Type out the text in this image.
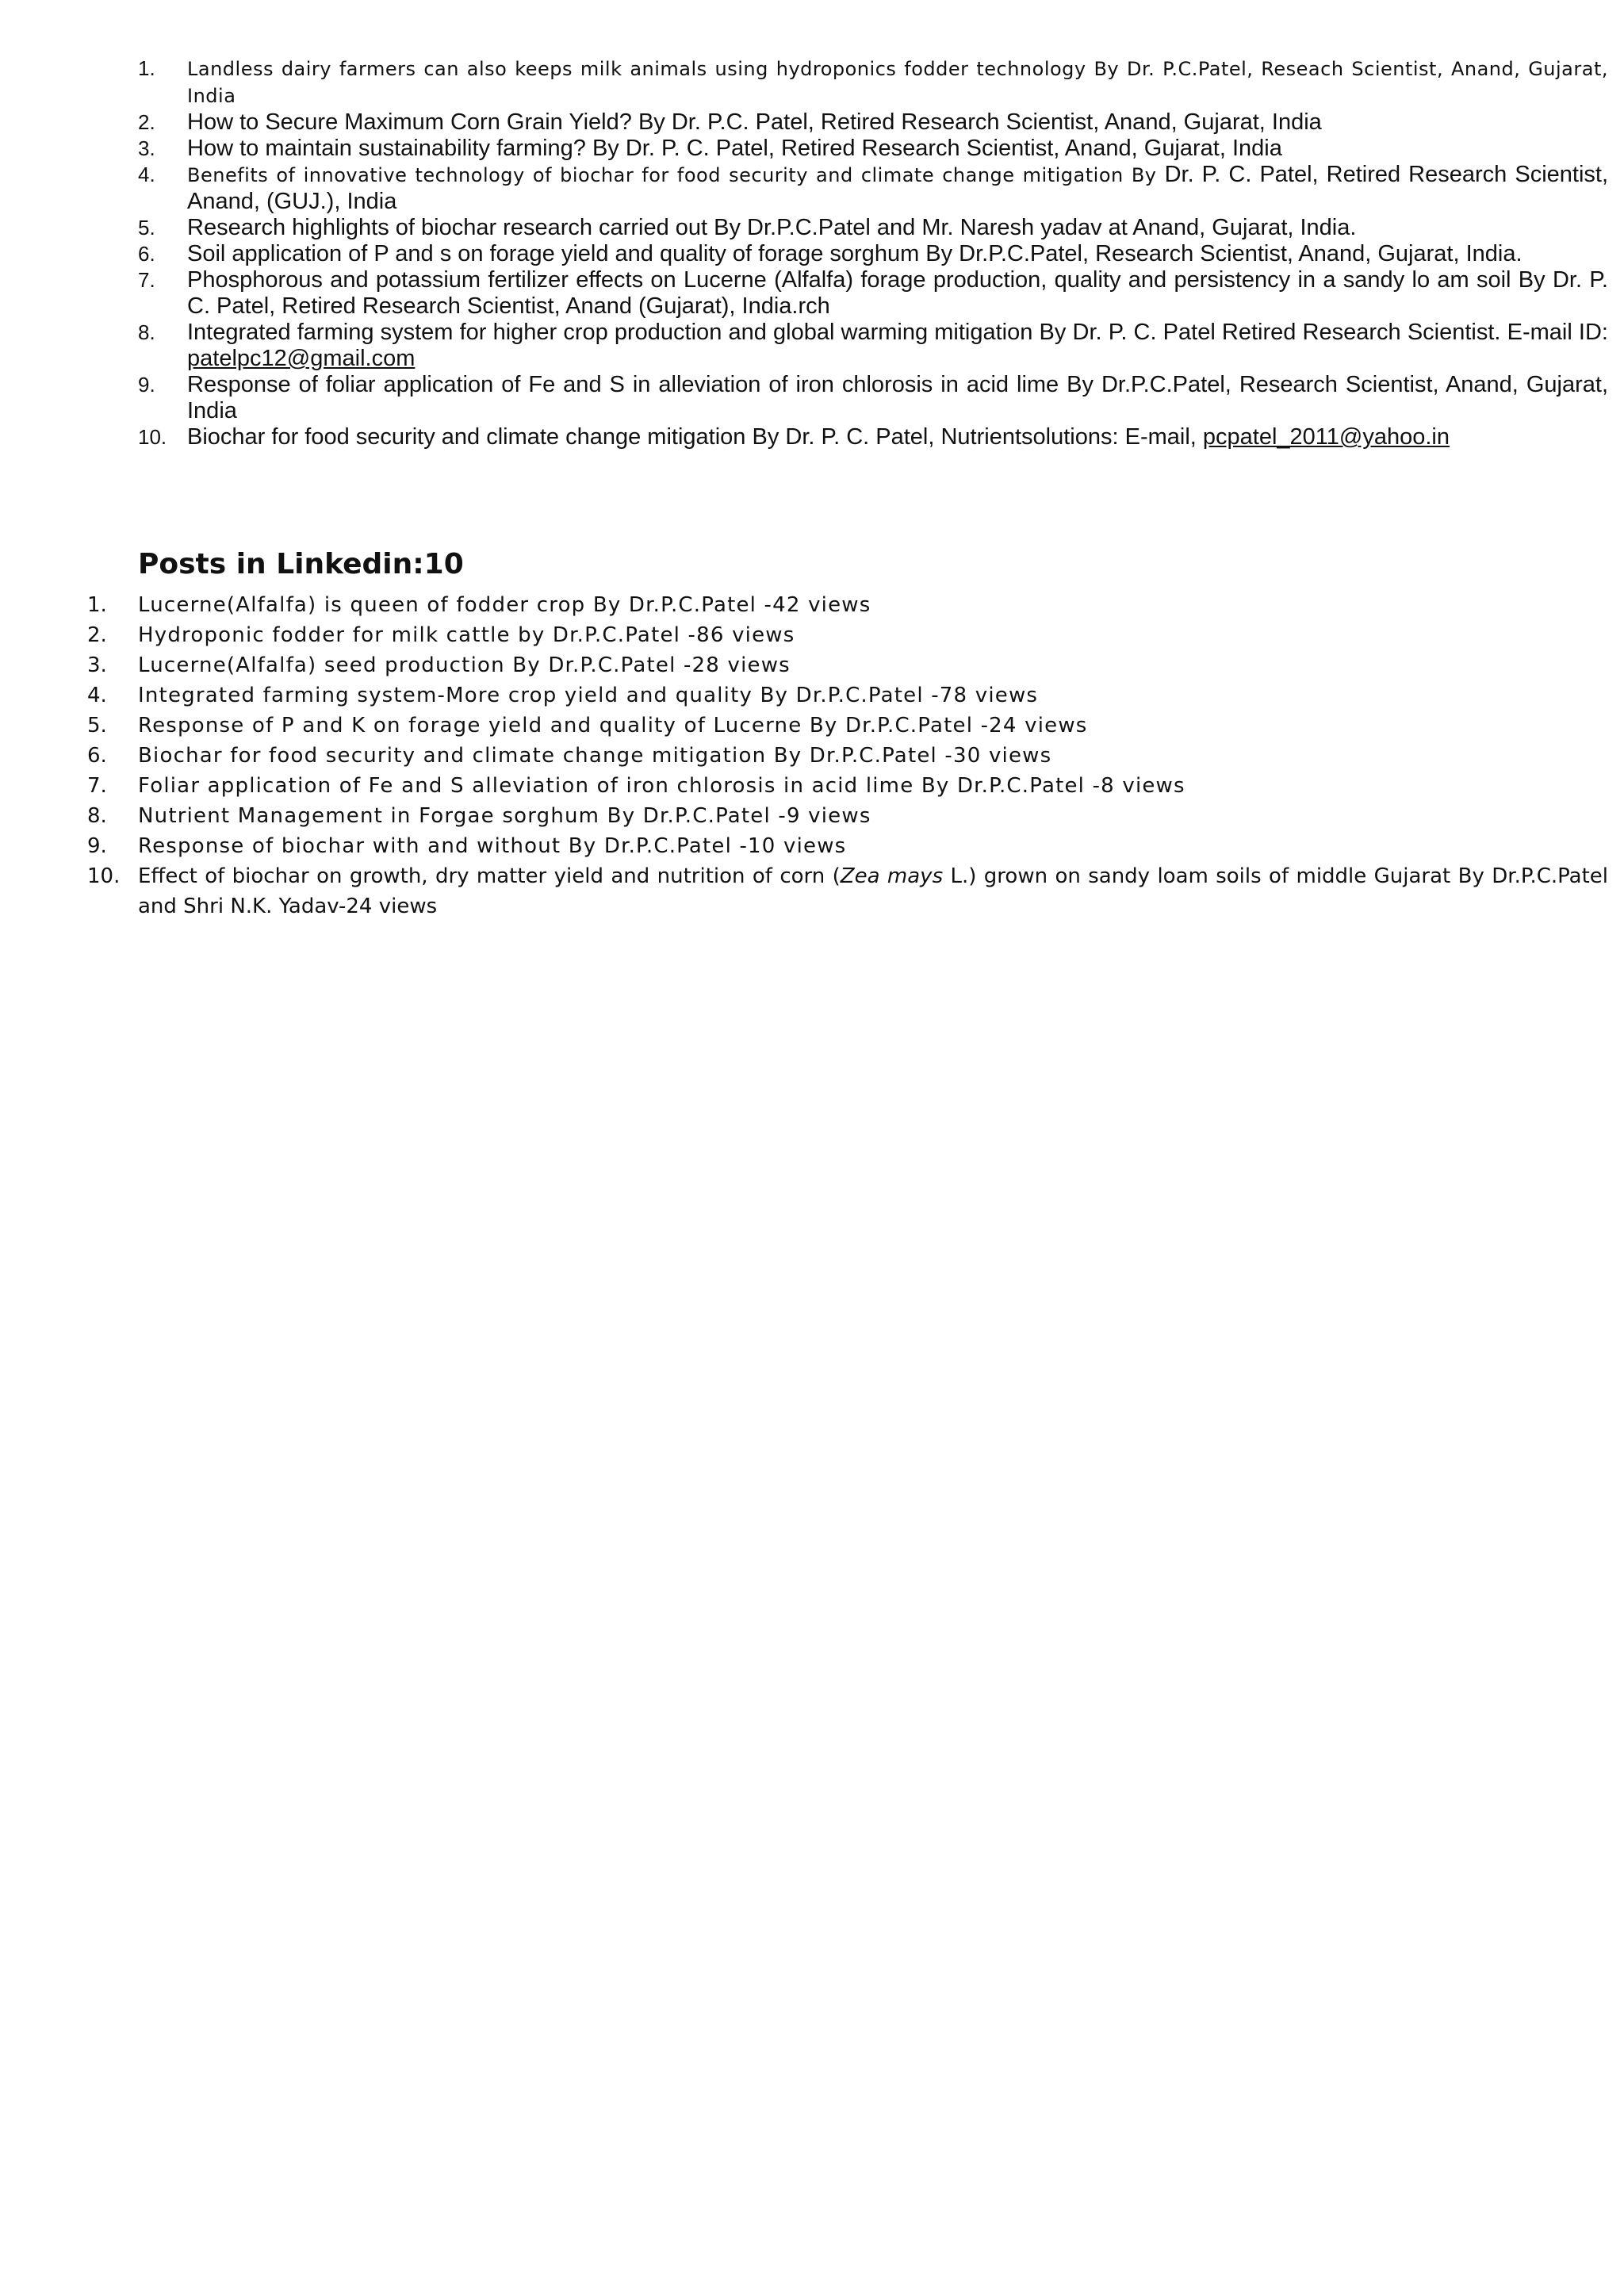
1. Landless dairy farmers can also keeps milk animals using hydroponics fodder technology By Dr. P.C.Patel, Reseach Scientist, Anand, Gujarat, India
2. How to Secure Maximum Corn Grain Yield? By Dr. P.C. Patel, Retired Research Scientist, Anand, Gujarat, India
3. How to maintain sustainability farming? By Dr. P. C. Patel, Retired Research Scientist, Anand, Gujarat, India
4. Benefits of innovative technology of biochar for food security and climate change mitigation By Dr. P. C. Patel, Retired Research Scientist, Anand, (GUJ.), India
5. Research highlights of biochar research carried out By Dr.P.C.Patel and Mr. Naresh yadav at Anand, Gujarat, India.
6. Soil application of P and s on forage yield and quality of forage sorghum By Dr.P.C.Patel, Research Scientist, Anand, Gujarat, India.
7. Phosphorous and potassium fertilizer effects on Lucerne (Alfalfa) forage production, quality and persistency in a sandy lo am soil By Dr. P. C. Patel, Retired Research Scientist, Anand (Gujarat), India.rch
8. Integrated farming system for higher crop production and global warming mitigation By Dr. P. C. Patel Retired Research Scientist. E-mail ID: patelpc12@gmail.com
9. Response of foliar application of Fe and S in alleviation of iron chlorosis in acid lime By Dr.P.C.Patel, Research Scientist, Anand, Gujarat, India
10. Biochar for food security and climate change mitigation By Dr. P. C. Patel, Nutrientsolutions: E-mail, pcpatel_2011@yahoo.in
Posts in Linkedin:10
1. Lucerne(Alfalfa) is queen of fodder crop By Dr.P.C.Patel -42 views
2. Hydroponic fodder for milk cattle by Dr.P.C.Patel -86 views
3. Lucerne(Alfalfa) seed production By Dr.P.C.Patel -28 views
4. Integrated farming system-More crop yield and quality By Dr.P.C.Patel -78 views
5. Response of P and K on forage yield and quality of Lucerne By Dr.P.C.Patel -24 views
6. Biochar for food security and climate change mitigation By Dr.P.C.Patel -30 views
7. Foliar application of Fe and S alleviation of iron chlorosis in acid lime By Dr.P.C.Patel -8 views
8. Nutrient Management in Forgae sorghum By Dr.P.C.Patel -9 views
9. Response of biochar with and without By Dr.P.C.Patel -10 views
10. Effect of biochar on growth, dry matter yield and nutrition of corn (Zea mays L.) grown on sandy loam soils of middle Gujarat By Dr.P.C.Patel and Shri N.K. Yadav-24 views
